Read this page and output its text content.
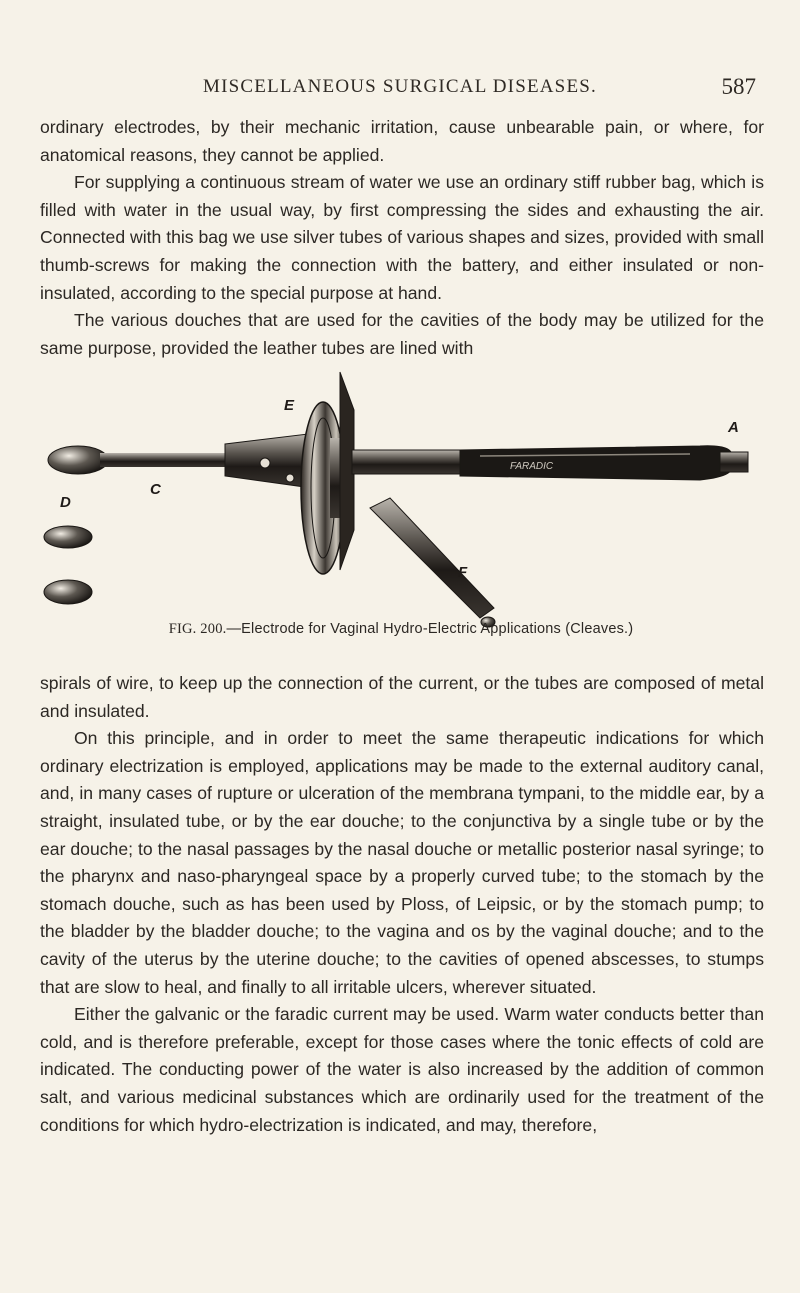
MISCELLANEOUS SURGICAL DISEASES.	587
ordinary electrodes, by their mechanic irritation, cause unbearable pain, or where, for anatomical reasons, they cannot be applied.
For supplying a continuous stream of water we use an ordinary stiff rubber bag, which is filled with water in the usual way, by first compressing the sides and exhausting the air. Connected with this bag we use silver tubes of various shapes and sizes, provided with small thumb-screws for making the connection with the battery, and either insulated or non-insulated, according to the special purpose at hand.
The various douches that are used for the cavities of the body may be utilized for the same purpose, provided the leather tubes are lined with
FARADIC
E
A
C
D
F
FIG. 200.—Electrode for Vaginal Hydro-Electric Applications (Cleaves.)
spirals of wire, to keep up the connection of the current, or the tubes are composed of metal and insulated.
On this principle, and in order to meet the same therapeutic indications for which ordinary electrization is employed, applications may be made to the external auditory canal, and, in many cases of rupture or ulceration of the membrana tympani, to the middle ear, by a straight, insulated tube, or by the ear douche; to the conjunctiva by a single tube or by the ear douche; to the nasal passages by the nasal douche or metallic posterior nasal syringe; to the pharynx and naso-pharyngeal space by a properly curved tube; to the stomach by the stomach douche, such as has been used by Ploss, of Leipsic, or by the stomach pump; to the bladder by the bladder douche; to the vagina and os by the vaginal douche; and to the cavity of the uterus by the uterine douche; to the cavities of opened abscesses, to stumps that are slow to heal, and finally to all irritable ulcers, wherever situated.
Either the galvanic or the faradic current may be used. Warm water conducts better than cold, and is therefore preferable, except for those cases where the tonic effects of cold are indicated. The conducting power of the water is also increased by the addition of common salt, and various medicinal substances which are ordinarily used for the treatment of the conditions for which hydro-electrization is indicated, and may, therefore,
